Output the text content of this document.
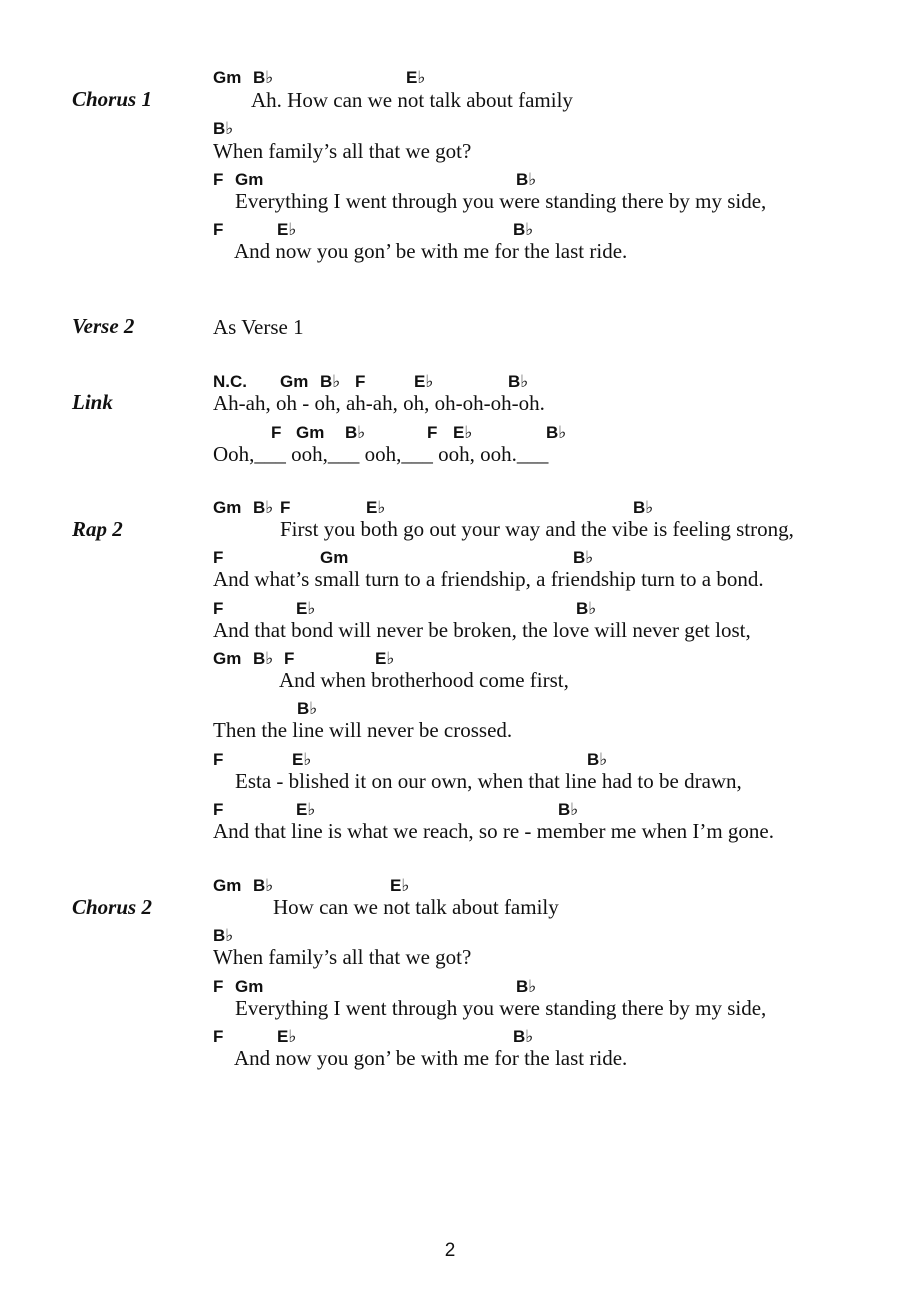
Chorus 1
Gm B♭	E♭
Ah. How can we not talk about family
B♭
When family’s all that we got?
F Gm	B♭
Everything I went through you were standing there by my side,
F	E♭	B♭
And now you gon’ be with me for the last ride.
Verse 2	As Verse 1
Link
N.C. Gm B♭ F	E♭	B♭
Ah-ah, oh - oh, ah-ah, oh, oh-oh-oh-oh.
F Gm B♭	F E♭	B♭
Ooh,___ ooh,___ ooh,___ ooh, ooh.___
Rap 2
Gm B♭ F	E♭	B♭
First you both go out your way and the vibe is feeling strong,
F	Gm	B♭
And what’s small turn to a friendship, a friendship turn to a bond.
F	E♭	B♭
And that bond will never be broken, the love will never get lost,
Gm B♭ F	E♭
And when brotherhood come first,
B♭
Then the line will never be crossed.
F	E♭	B♭
Esta - blished it on our own, when that line had to be drawn,
F	E♭	B♭
And that line is what we reach, so re - member me when I’m gone.
Chorus 2
Gm B♭	E♭
How can we not talk about family
B♭
When family’s all that we got?
F Gm	B♭
Everything I went through you were standing there by my side,
F	E♭	B♭
And now you gon’ be with me for the last ride.
2
